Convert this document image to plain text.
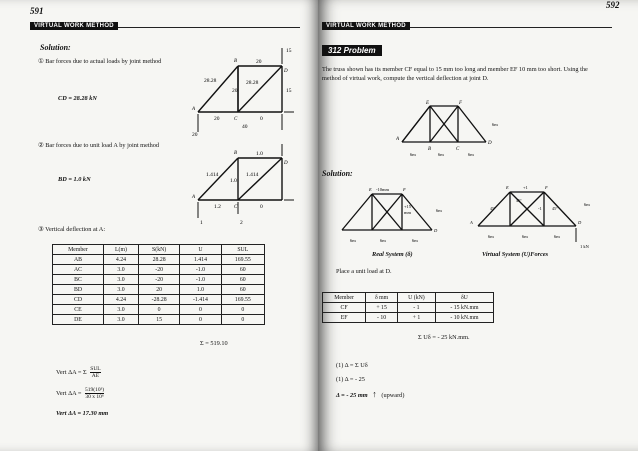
591
VIRTUAL WORK METHOD
Solution:
① Bar forces due to actual loads by joint method
CD = 28.28 kN
20
28.28	28.28
20
15
20	0
40
20
15
B
A
C
D
② Bar forces due to unit load A by joint method
BD = 1.0 kN
1.0
1.414
1.0
1.414
1.2	0
1	2
B
A
D
C
③ Vertical deflection at A:
Member	L(m)	S(kN)	U	SUL
AB	4.24	28.28	1.414	169.55
AC	3.0	-20	-1.0	60
BC	3.0	-20	-1.0	60
BD	3.0	20	1.0	60
CD	4.24	-28.28	-1.414	169.55
CE	3.0	0	0	0
DE	3.0	15	0	0
Σ = 519.10
Vert ΔA = Σ SUL
AE
Vert $\Delta A = \frac{\text{519(10³)}}{\text{30 x 10⁶}}$
Vert ΔA = 17.30 mm
592
VIRTUAL WORK METHOD
312 Problem
The truss shown has its member CF equal to 15 mm too long and member EF 10 mm too short. Using the method of virtual work, compute the vertical deflection at joint D.
E	F
A
B	C
D
6m
6m	6m	6m
Solution:
E -10mm	F
+15
mm	6m
D
6m	6m	6m
Real System (δ)
E	+1	F
-1
45°
45°
45°
6m
A	D
6m	6m	6m
1 kN
Virtual System (U)Forces
Place a unit load at D.
Member	δ mm	U (kN)	δU
CF	+ 15	- 1	- 15 kN.mm
EF	- 10	+ 1	- 10 kN.mm
Σ Uδ = - 25 kN.mm.
(1) Δ = Σ Uδ
(1) Δ = - 25
Δ = - 25 mm ↑ (upward)
